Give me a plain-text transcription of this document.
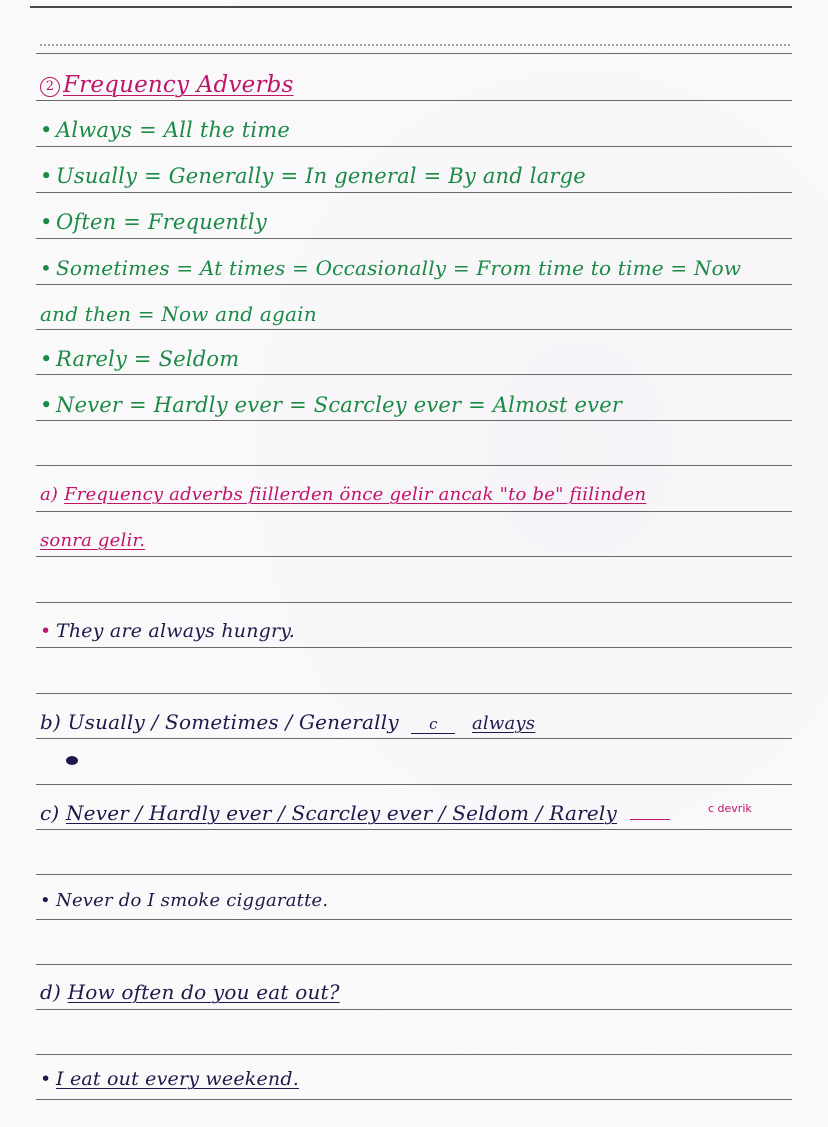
2 Frequency Adverbs
• Always = All the time
• Usually = Generally = In general = By and large
• Often = Frequently
• Sometimes = At times = Occasionally = From time to time = Now
and then = Now and again
• Rarely = Seldom
• Never = Hardly ever = Scarcley ever = Almost ever
a) Frequency adverbs fiillerden önce gelir ancak "to be" fiilinden
sonra gelir.
• They are always hungry.
b) Usually / Sometimes / Generally c always
c) Never / Hardly ever / Scarcley ever / Seldom / Rarely	c devrik
• Never do I smoke ciggaratte.
d) How often do you eat out?
• I eat out every weekend.
